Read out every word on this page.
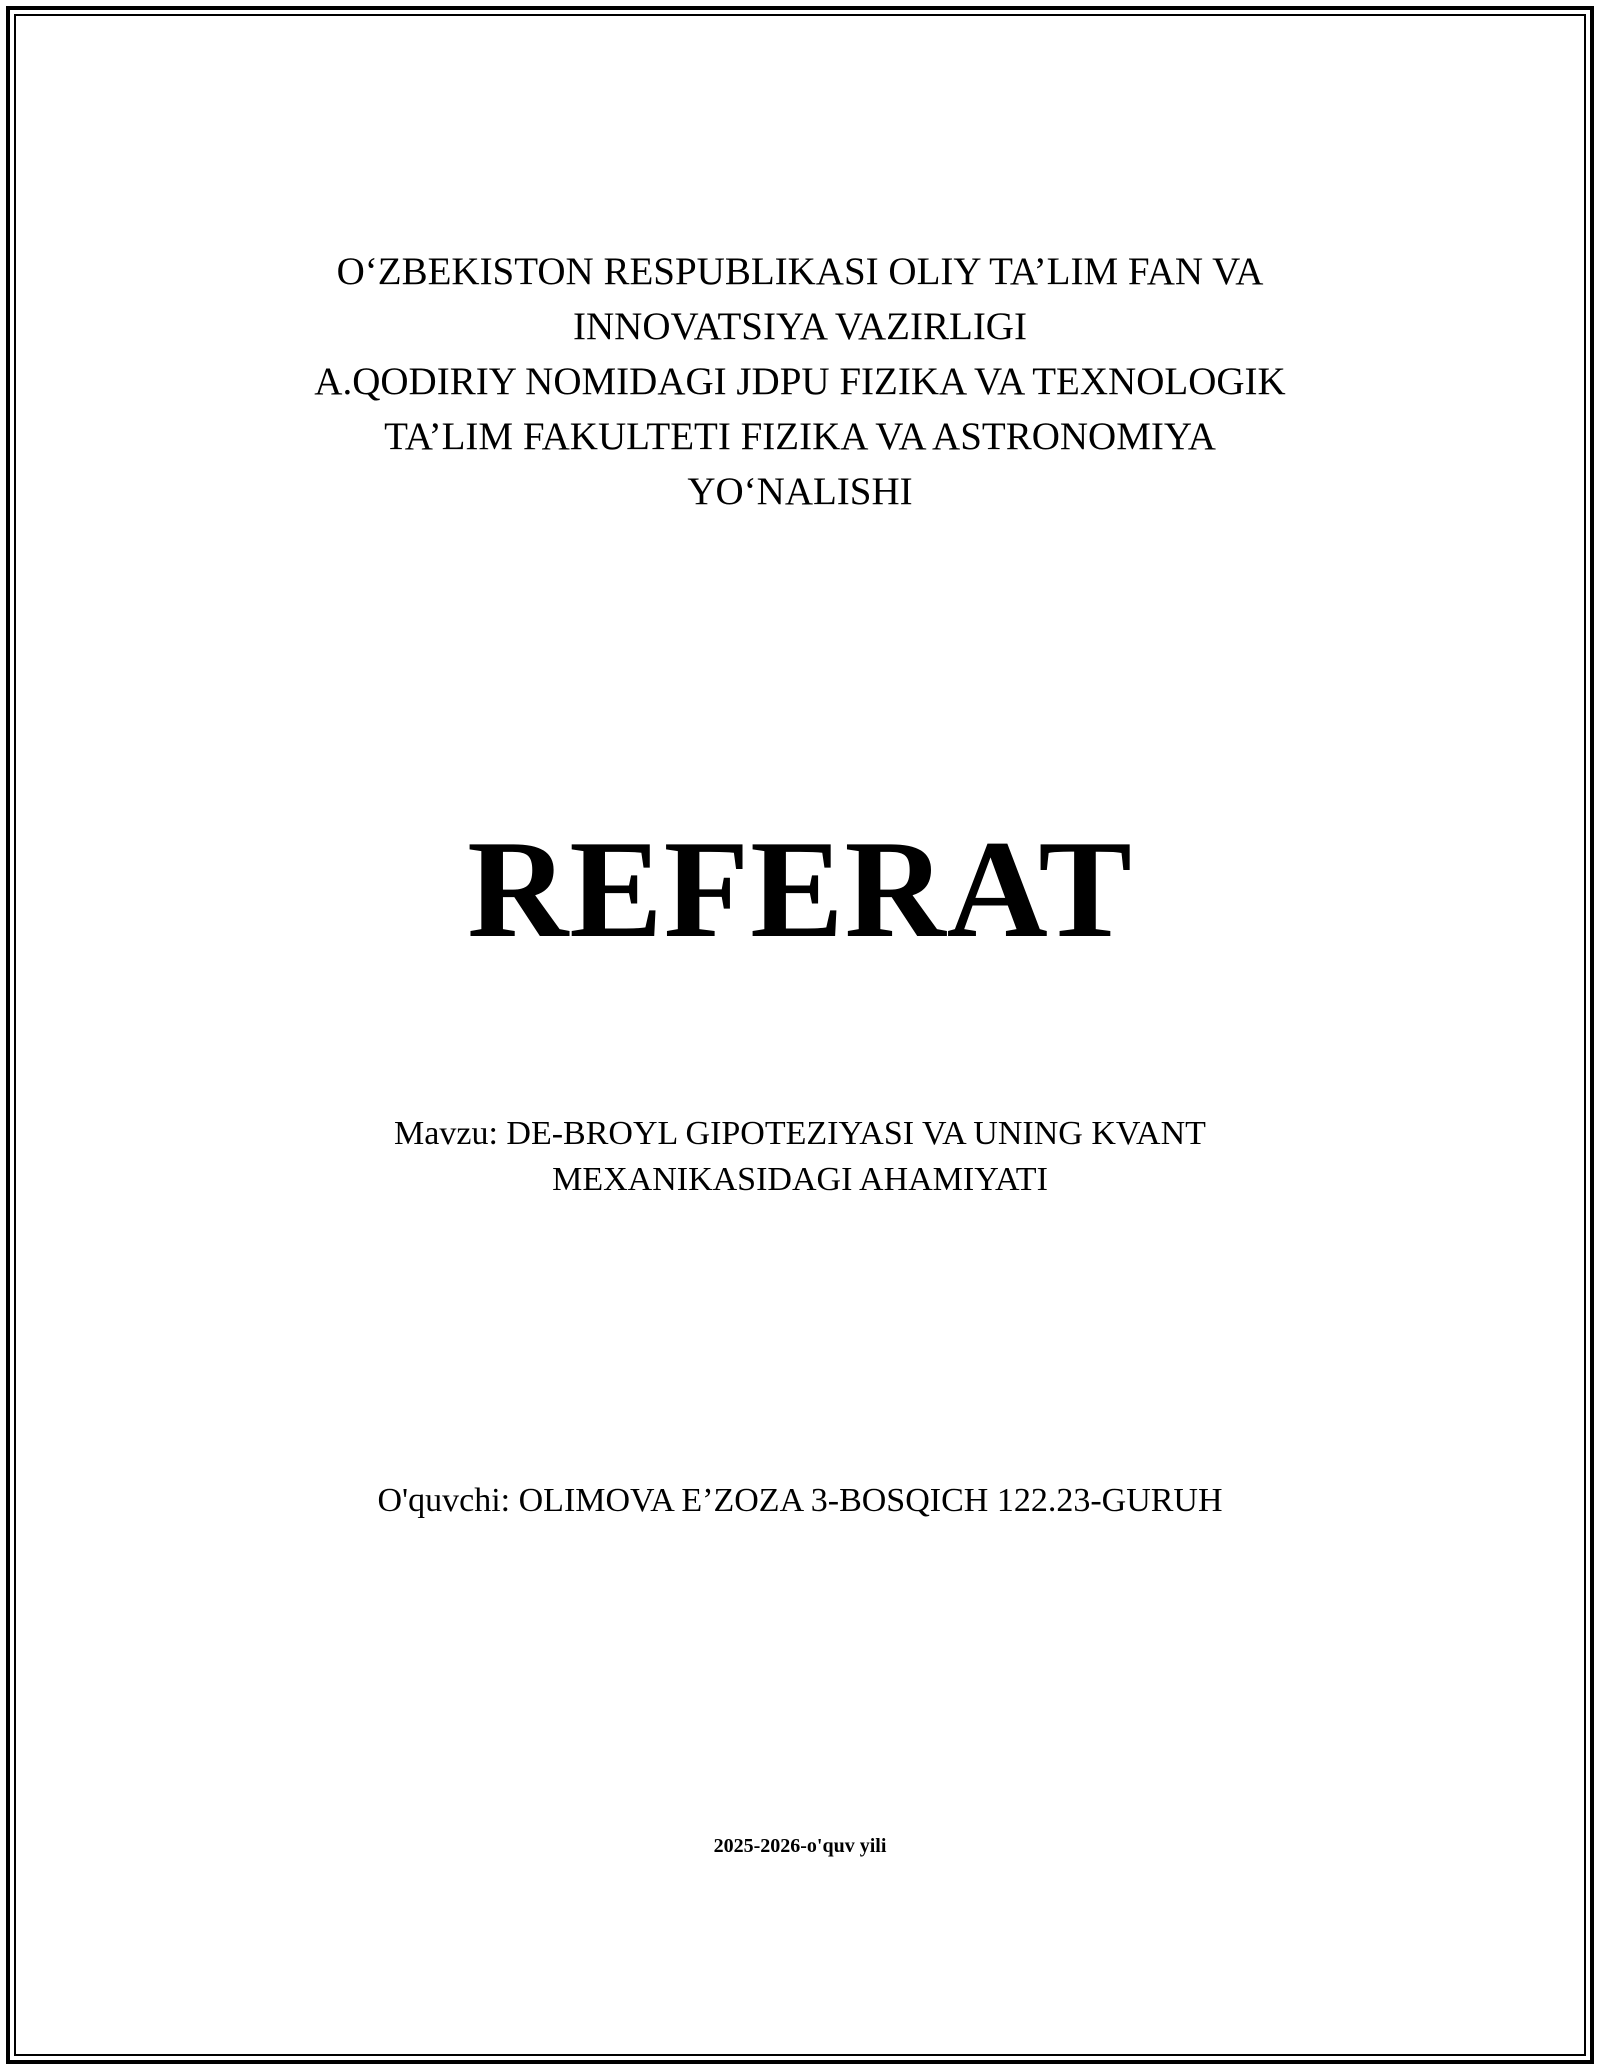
O‘ZBEKISTON RESPUBLIKASI OLIY TA’LIM FAN VA
INNOVATSIYA VAZIRLIGI
A.QODIRIY NOMIDAGI JDPU FIZIKA VA TEXNOLOGIK
TA’LIM FAKULTETI FIZIKA VA ASTRONOMIYA
YO‘NALISHI
REFERAT
Mavzu: DE-BROYL GIPOTEZIYASI VA UNING KVANT
MEXANIKASIDAGI AHAMIYATI
O'quvchi: OLIMOVA E’ZOZA 3-BOSQICH 122.23-GURUH
2025-2026-o'quv yili
